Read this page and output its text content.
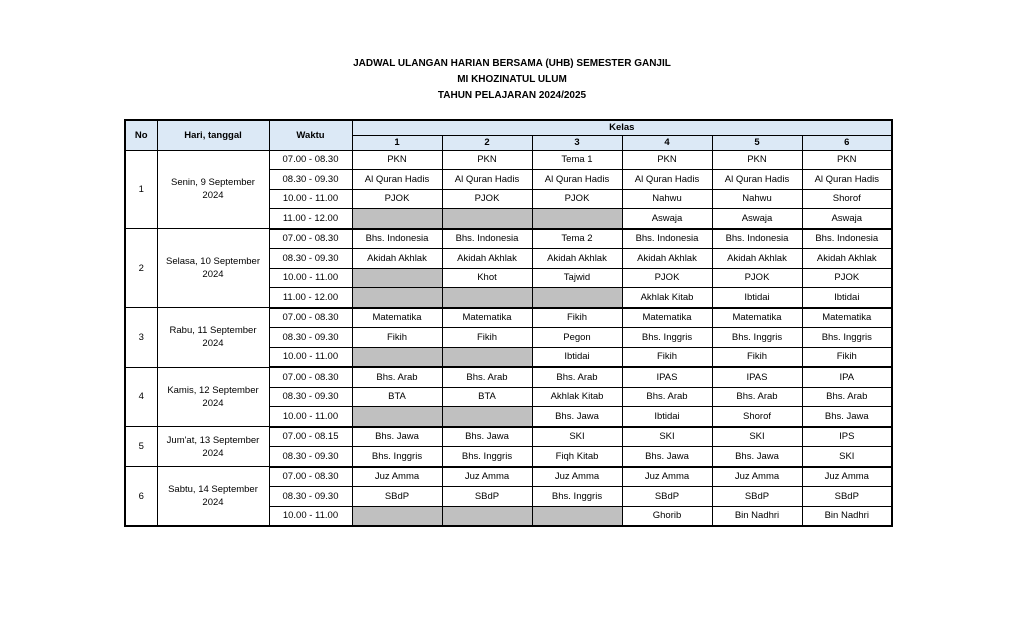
JADWAL ULANGAN HARIAN BERSAMA (UHB) SEMESTER GANJIL
MI KHOZINATUL ULUM
TAHUN PELAJARAN 2024/2025
No	Hari, tanggal	Waktu	Kelas					
			1	2	3	4	5	6
1	Senin, 9 September 2024	07.00 - 08.30	PKN	PKN	Tema 1	PKN	PKN	PKN
		08.30 - 09.30	Al Quran Hadis	Al Quran Hadis	Al Quran Hadis	Al Quran Hadis	Al Quran Hadis	Al Quran Hadis
		10.00 - 11.00	PJOK	PJOK	PJOK	Nahwu	Nahwu	Shorof
		11.00 - 12.00				Aswaja	Aswaja	Aswaja
2	Selasa, 10 September 2024	07.00 - 08.30	Bhs. Indonesia	Bhs. Indonesia	Tema 2	Bhs. Indonesia	Bhs. Indonesia	Bhs. Indonesia
		08.30 - 09.30	Akidah Akhlak	Akidah Akhlak	Akidah Akhlak	Akidah Akhlak	Akidah Akhlak	Akidah Akhlak
		10.00 - 11.00		Khot	Tajwid	PJOK	PJOK	PJOK
		11.00 - 12.00				Akhlak Kitab	Ibtidai	Ibtidai
3	Rabu, 11 September 2024	07.00 - 08.30	Matematika	Matematika	Fikih	Matematika	Matematika	Matematika
		08.30 - 09.30	Fikih	Fikih	Pegon	Bhs. Inggris	Bhs. Inggris	Bhs. Inggris
		10.00 - 11.00			Ibtidai	Fikih	Fikih	Fikih
4	Kamis, 12 September 2024	07.00 - 08.30	Bhs. Arab	Bhs. Arab	Bhs. Arab	IPAS	IPAS	IPA
		08.30 - 09.30	BTA	BTA	Akhlak Kitab	Bhs. Arab	Bhs. Arab	Bhs. Arab
		10.00 - 11.00			Bhs. Jawa	Ibtidai	Shorof	Bhs. Jawa
5	Jum'at, 13 September 2024	07.00 - 08.15	Bhs. Jawa	Bhs. Jawa	SKI	SKI	SKI	IPS
		08.30 - 09.30	Bhs. Inggris	Bhs. Inggris	Fiqh Kitab	Bhs. Jawa	Bhs. Jawa	SKI
6	Sabtu, 14 September 2024	07.00 - 08.30	Juz Amma	Juz Amma	Juz Amma	Juz Amma	Juz Amma	Juz Amma
		08.30 - 09.30	SBdP	SBdP	Bhs. Inggris	SBdP	SBdP	SBdP
		10.00 - 11.00				Ghorib	Bin Nadhri	Bin Nadhri
